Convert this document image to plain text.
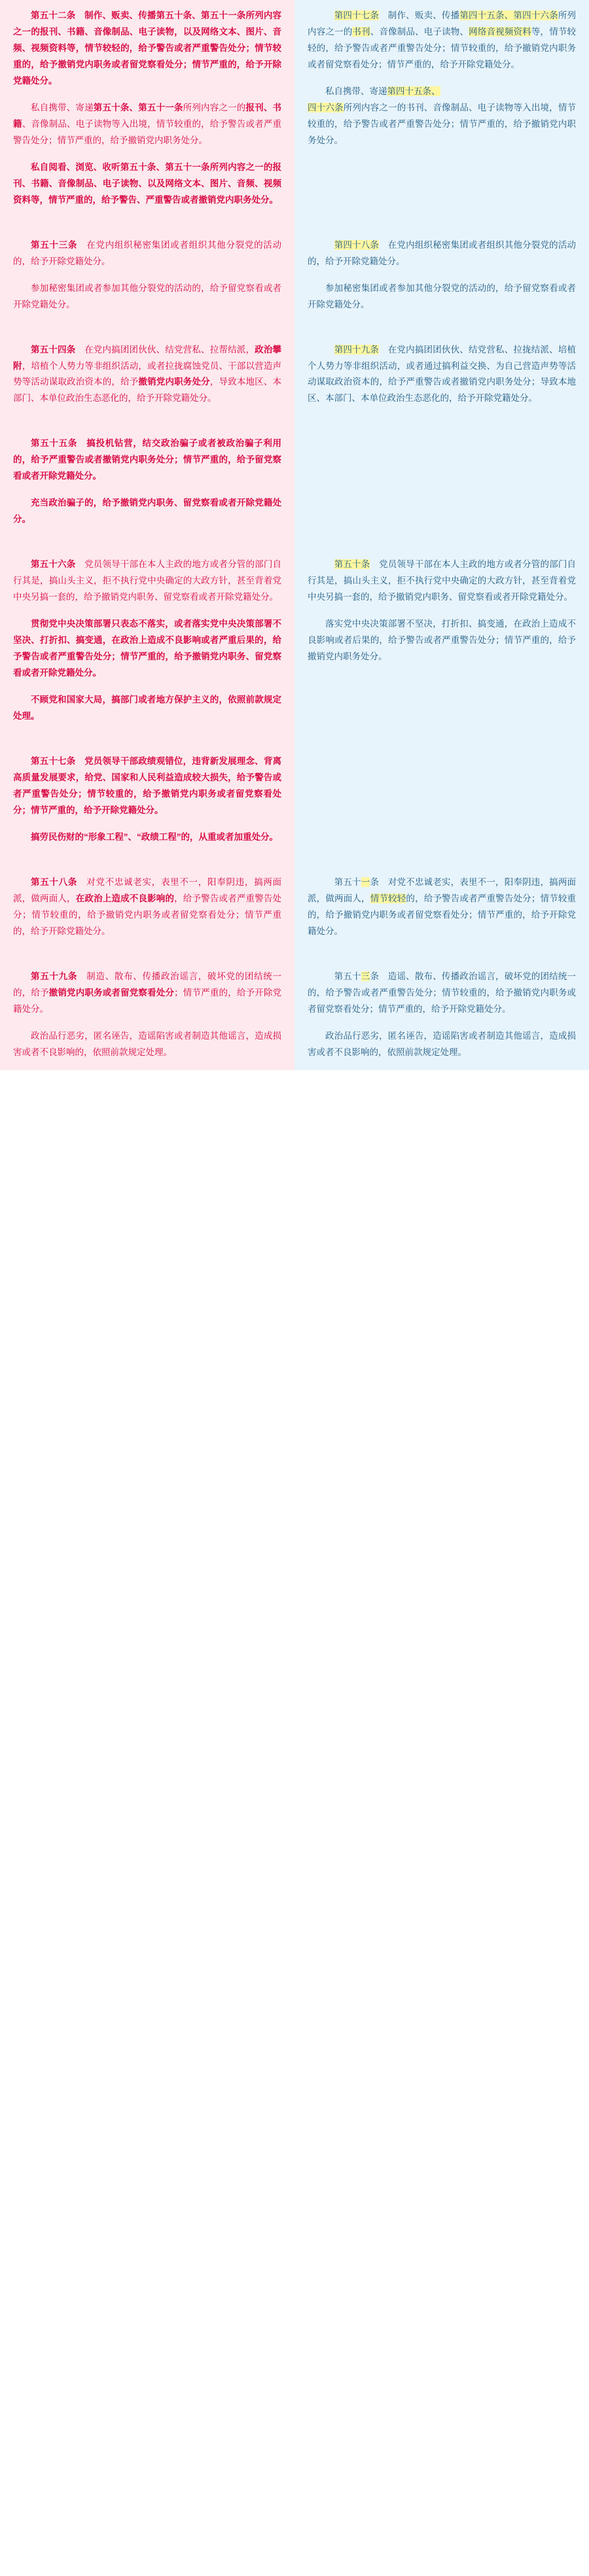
第五十二条　制作、贩卖、传播第五十条、第五十一条所列内容之一的报刊、书籍、音像制品、电子读物，以及网络文本、图片、音频、视频资料等，情节较轻的，给予警告或者严重警告处分；情节较重的，给予撤销党内职务或者留党察看处分；情节严重的，给予开除党籍处分。

私自携带、寄递第五十条、第五十一条所列内容之一的报刊、书籍、音像制品、电子读物等入出境，情节较重的，给予警告或者严重警告处分；情节严重的，给予撤销党内职务处分。

私自阅看、浏览、收听第五十条、第五十一条所列内容之一的报刊、书籍、音像制品、电子读物、以及网络文本、图片、音频、视频资料等，情节严重的，给予警告、严重警告或者撤销党内职务处分。

　第四十七条　制作、贩卖、传播第四十五条、第四十六条所列内容之一的书刊、音像制品、电子读物、网络音视频资料等，情节较轻的，给予警告或者严重警告处分；情节较重的，给予撤销党内职务或者留党察看处分；情节严重的，给予开除党籍处分。

私自携带、寄递第四十五条、
四十六条所列内容之一的书刊、音像制品、电子读物等入出境，情节较重的，给予警告或者严重警告处分；情节严重的，给予撤销党内职务处分。

第五十三条　在党内组织秘密集团或者组织其他分裂党的活动的，给予开除党籍处分。

参加秘密集团或者参加其他分裂党的活动的，给予留党察看或者开除党籍处分。

　第四十八条　在党内组织秘密集团或者组织其他分裂党的活动的，给予开除党籍处分。

参加秘密集团或者参加其他分裂党的活动的，给予留党察看或者开除党籍处分。

第五十四条　在党内搞团团伙伙、结党营私、拉帮结派，政治攀附，培植个人势力等非组织活动，或者拉拢腐蚀党员、干部以营造声势等活动谋取政治资本的，给予撤销党内职务处分，导致本地区、本部门、本单位政治生态恶化的，给予开除党籍处分。

　第四十九条　在党内搞团团伙伙、结党营私、拉拢结派、培植个人势力等非组织活动，或者通过搞利益交换、为自己营造声势等活动谋取政治资本的，给予严重警告或者撤销党内职务处分；导致本地区、本部门、本单位政治生态恶化的，给予开除党籍处分。

第五十五条　搞投机钻营，结交政治骗子或者被政治骗子利用的，给予严重警告或者撤销党内职务处分；情节严重的，给予留党察看或者开除党籍处分。

充当政治骗子的，给予撤销党内职务、留党察看或者开除党籍处分。

第五十六条　党员领导干部在本人主政的地方或者分管的部门自行其是，搞山头主义，拒不执行党中央确定的大政方针，甚至背着党中央另搞一套的，给予撤销党内职务、留党察看或者开除党籍处分。

贯彻党中央决策部署只表态不落实，或者落实党中央决策部署不坚决、打折扣、搞变通，在政治上造成不良影响或者严重后果的，给予警告或者严重警告处分；情节严重的，给予撤销党内职务、留党察看或者开除党籍处分。

不顾党和国家大局，搞部门或者地方保护主义的，依照前款规定处理。

　第五十条　党员领导干部在本人主政的地方或者分管的部门自行其是，搞山头主义，拒不执行党中央确定的大政方针，甚至背着党中央另搞一套的，给予撤销党内职务、留党察看或者开除党籍处分。

落实党中央决策部署不坚决，打折扣、搞变通，在政治上造成不良影响或者后果的，给予警告或者严重警告处分；情节严重的，给予撤销党内职务处分。

第五十七条　党员领导干部政绩观错位，违背新发展理念、背离高质量发展要求，给党、国家和人民利益造成较大损失，给予警告或者严重警告处分；情节较重的，给予撤销党内职务或者留党察看处分；情节严重的，给予开除党籍处分。

搞劳民伤财的“形象工程”、“政绩工程”的，从重或者加重处分。

第五十八条　对党不忠诚老实，表里不一，阳奉阴违，搞两面派，做两面人，在政治上造成不良影响的，给予警告或者严重警告处分；情节较重的，给予撤销党内职务或者留党察看处分；情节严重的，给予开除党籍处分。

　第五十一条　对党不忠诚老实，表里不一，阳奉阴违，搞两面派，做两面人，情节较轻的，给予警告或者严重警告处分；情节较重的，给予撤销党内职务或者留党察看处分；情节严重的，给予开除党籍处分。

第五十九条　制造、散布、传播政治谣言，破坏党的团结统一的，给予撤销党内职务或者留党察看处分；情节严重的，给予开除党籍处分。

政治品行恶劣，匿名诬告，造谣陷害或者制造其他谣言，造成损害或者不良影响的，依照前款规定处理。

　第五十三条　造谣、散布、传播政治谣言，破坏党的团结统一的，给予警告或者严重警告处分；情节较重的，给予撤销党内职务或者留党察看处分；情节严重的，给予开除党籍处分。

政治品行恶劣，匿名诬告，造谣陷害或者制造其他谣言，造成损害或者不良影响的，依照前款规定处理。
